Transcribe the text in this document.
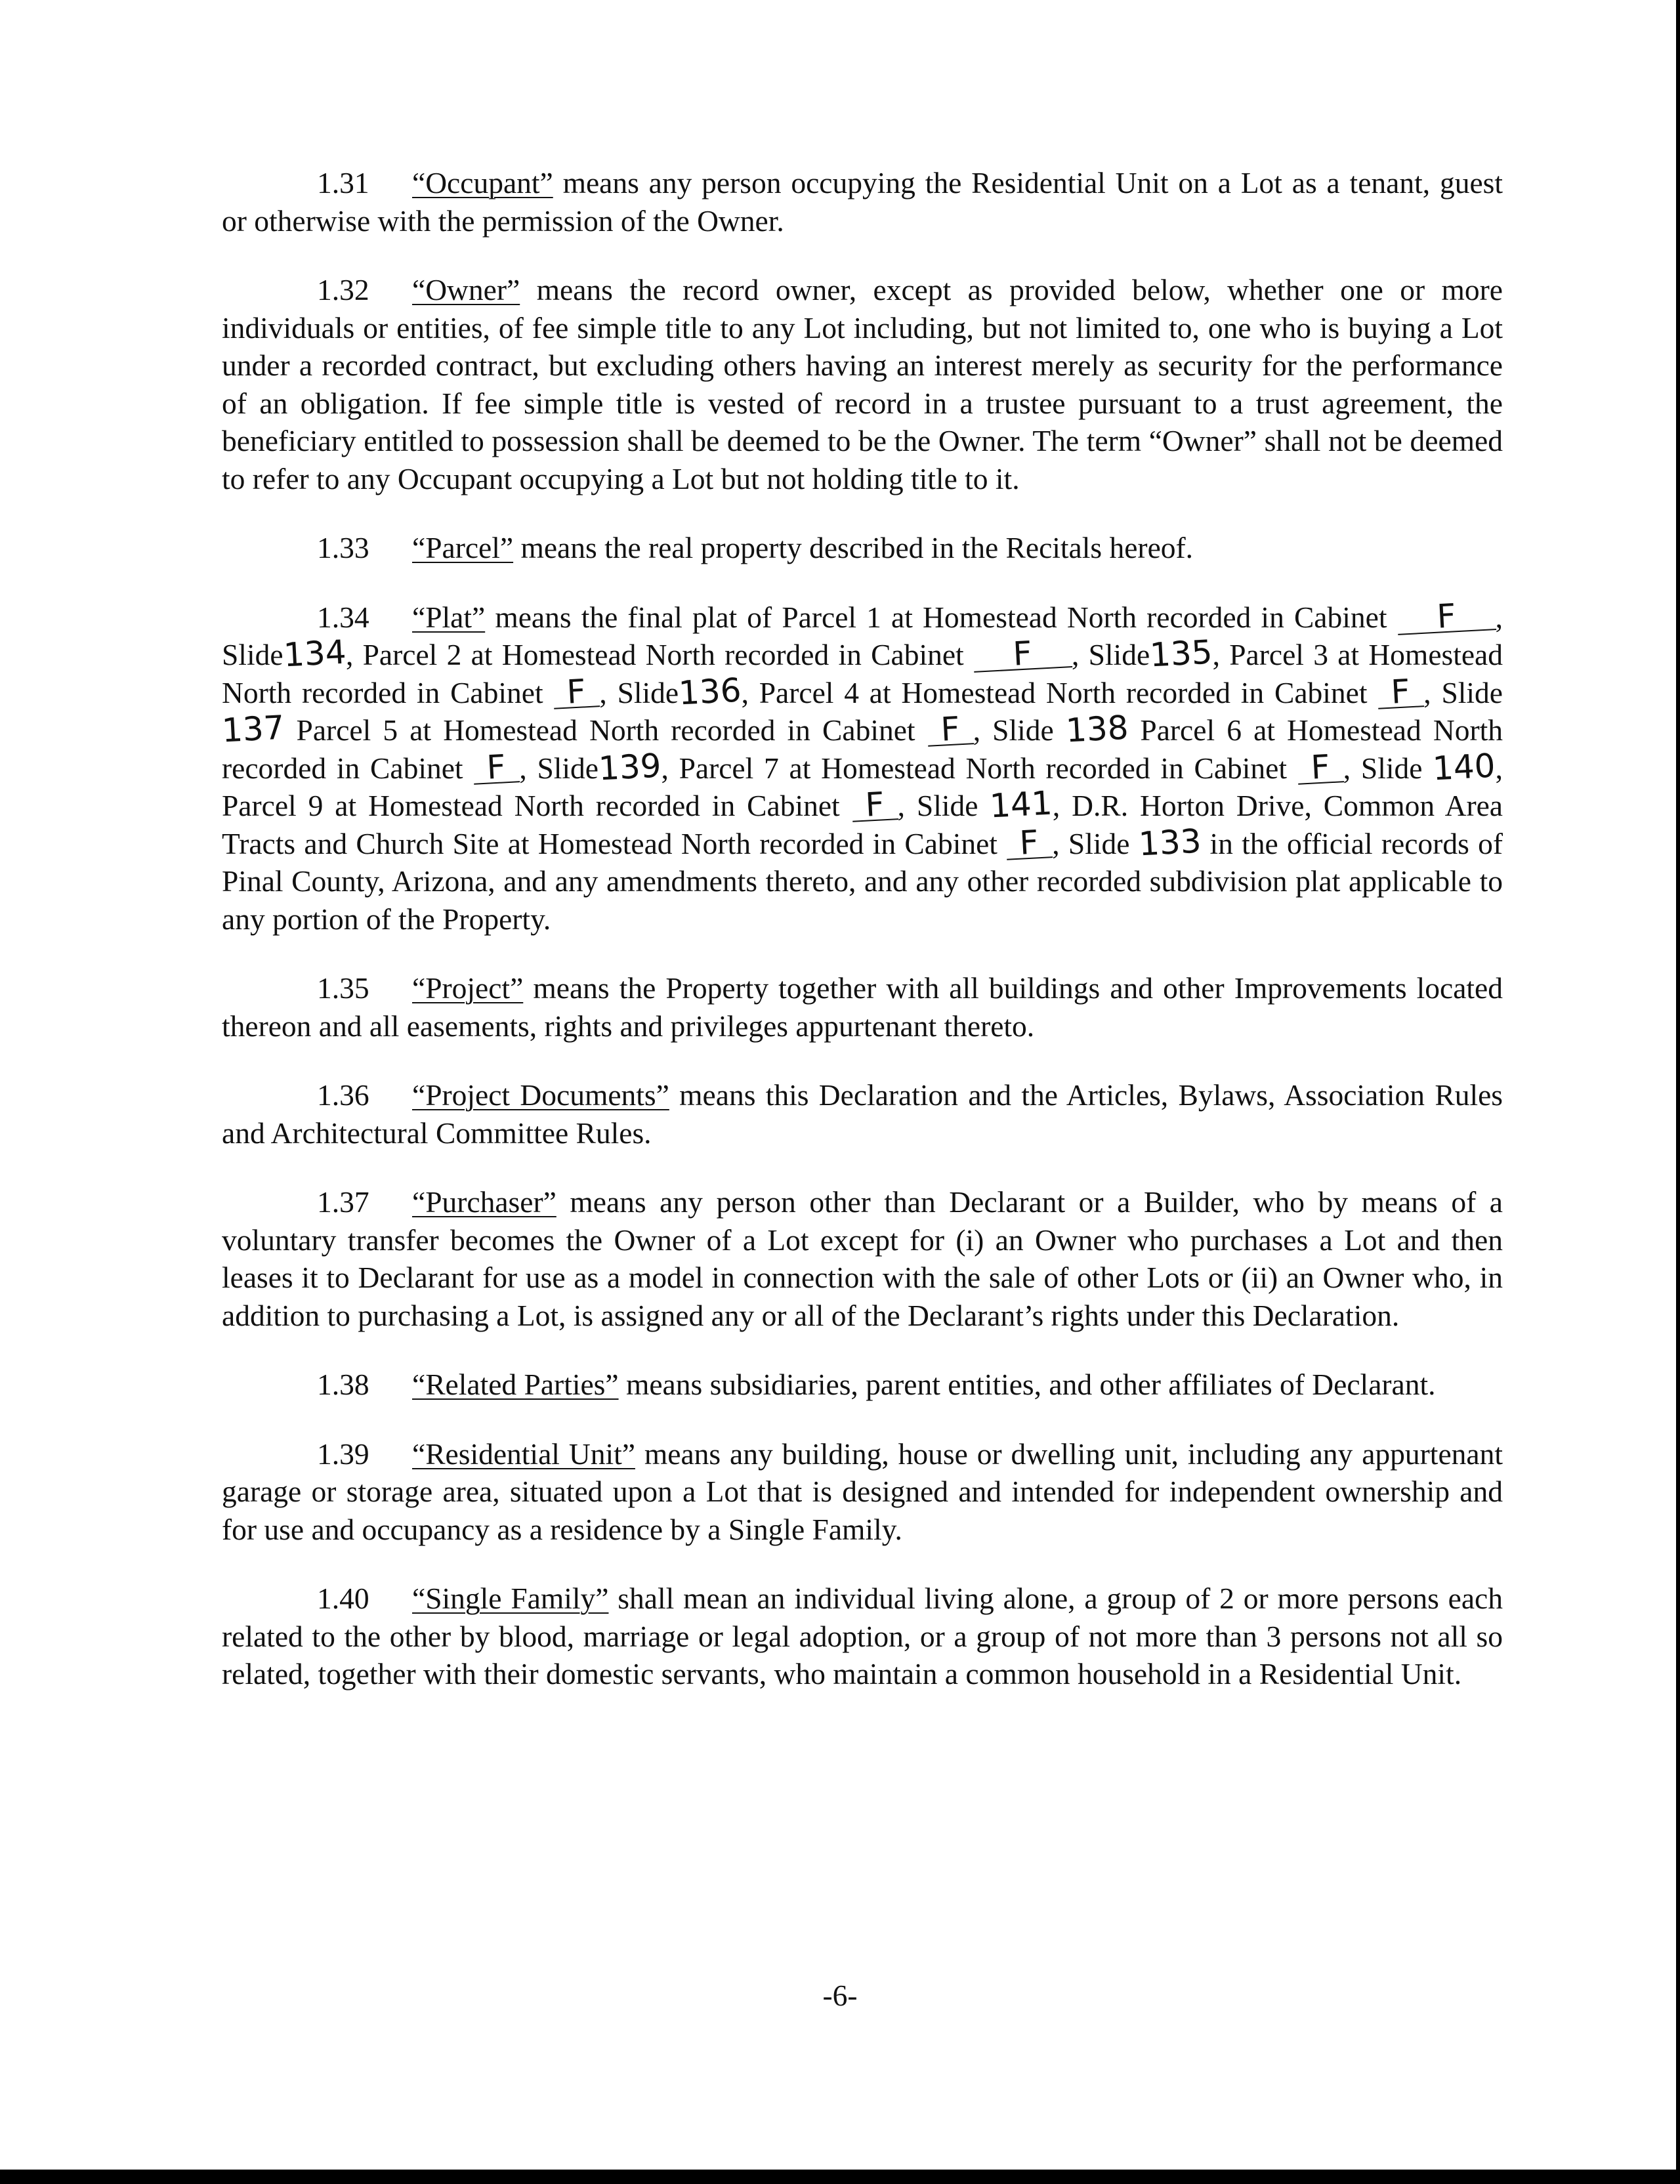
1.31 “Occupant” means any person occupying the Residential Unit on a Lot as a tenant, guest or otherwise with the permission of the Owner.

1.32 “Owner” means the record owner, except as provided below, whether one or more individuals or entities, of fee simple title to any Lot including, but not limited to, one who is buying a Lot under a recorded contract, but excluding others having an interest merely as security for the performance of an obligation. If fee simple title is vested of record in a trustee pursuant to a trust agreement, the beneficiary entitled to possession shall be deemed to be the Owner. The term “Owner” shall not be deemed to refer to any Occupant occupying a Lot but not holding title to it.

1.33 “Parcel” means the real property described in the Recitals hereof.

1.34 “Plat” means the final plat of Parcel 1 at Homestead North recorded in Cabinet F , Slide134, Parcel 2 at Homestead North recorded in Cabinet F , Slide135, Parcel 3 at Homestead North recorded in Cabinet F , Slide136, Parcel 4 at Homestead North recorded in Cabinet F , Slide 137 Parcel 5 at Homestead North recorded in Cabinet F , Slide 138 Parcel 6 at Homestead North recorded in Cabinet F , Slide139, Parcel 7 at Homestead North recorded in Cabinet F , Slide 140, Parcel 9 at Homestead North recorded in Cabinet F , Slide 141, D.R. Horton Drive, Common Area Tracts and Church Site at Homestead North recorded in Cabinet F , Slide 133 in the official records of Pinal County, Arizona, and any amendments thereto, and any other recorded subdivision plat applicable to any portion of the Property.

1.35 “Project” means the Property together with all buildings and other Improvements located thereon and all easements, rights and privileges appurtenant thereto.

1.36 “Project Documents” means this Declaration and the Articles, Bylaws, Association Rules and Architectural Committee Rules.

1.37 “Purchaser” means any person other than Declarant or a Builder, who by means of a voluntary transfer becomes the Owner of a Lot except for (i) an Owner who purchases a Lot and then leases it to Declarant for use as a model in connection with the sale of other Lots or (ii) an Owner who, in addition to purchasing a Lot, is assigned any or all of the Declarant’s rights under this Declaration.

1.38 “Related Parties” means subsidiaries, parent entities, and other affiliates of Declarant.

1.39 “Residential Unit” means any building, house or dwelling unit, including any appurtenant garage or storage area, situated upon a Lot that is designed and intended for independent ownership and for use and occupancy as a residence by a Single Family.

1.40 “Single Family” shall mean an individual living alone, a group of 2 or more persons each related to the other by blood, marriage or legal adoption, or a group of not more than 3 persons not all so related, together with their domestic servants, who maintain a common household in a Residential Unit.

-6-
